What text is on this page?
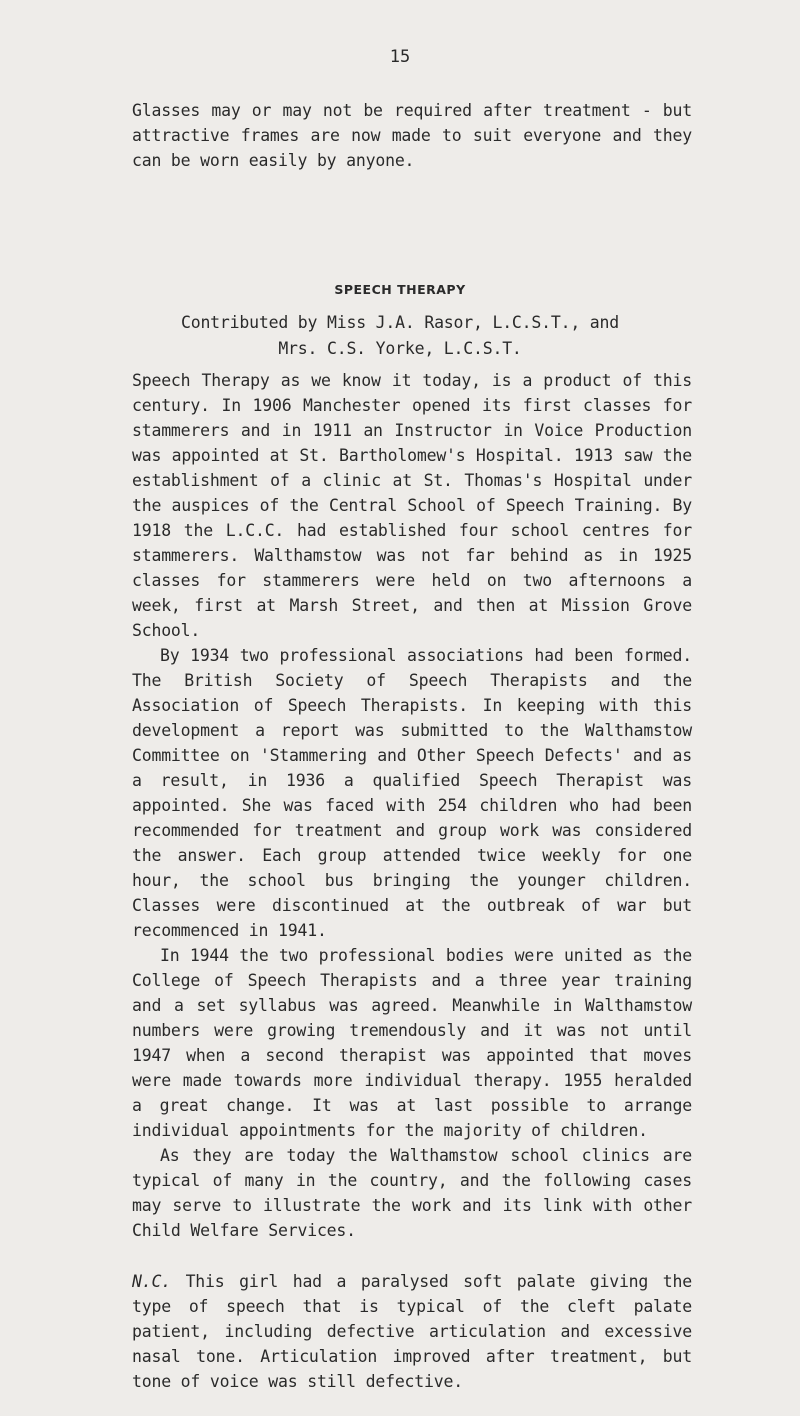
15
Glasses may or may not be required after treatment - but attractive frames are now made to suit everyone and they can be worn easily by anyone.
SPEECH THERAPY

Contributed by Miss J.A. Rasor, L.C.S.T., and

Mrs. C.S. Yorke, L.C.S.T.

Speech Therapy as we know it today, is a product of this century. In 1906 Manchester opened its first classes for stammerers and in 1911 an Instructor in Voice Production was appointed at St. Bartholomew's Hospital. 1913 saw the establishment of a clinic at St. Thomas's Hospital under the auspices of the Central School of Speech Training. By 1918 the L.C.C. had established four school centres for stammerers. Walthamstow was not far behind as in 1925 classes for stammerers were held on two afternoons a week, first at Marsh Street, and then at Mission Grove School.

By 1934 two professional associations had been formed. The British Society of Speech Therapists and the Association of Speech Therapists. In keeping with this development a report was submitted to the Walthamstow Committee on 'Stammering and Other Speech Defects' and as a result, in 1936 a qualified Speech Therapist was appointed. She was faced with 254 children who had been recommended for treatment and group work was considered the answer. Each group attended twice weekly for one hour, the school bus bringing the younger children. Classes were discontinued at the outbreak of war but recommenced in 1941.

In 1944 the two professional bodies were united as the College of Speech Therapists and a three year training and a set syllabus was agreed. Meanwhile in Walthamstow numbers were growing tremendously and it was not until 1947 when a second therapist was appointed that moves were made towards more individual therapy. 1955 heralded a great change. It was at last possible to arrange individual appointments for the majority of children.

As they are today the Walthamstow school clinics are typical of many in the country, and the following cases may serve to illustrate the work and its link with other Child Welfare Services.

N.C. This girl had a paralysed soft palate giving the type of speech that is typical of the cleft palate patient, including defective articulation and excessive nasal tone. Articulation improved after treatment, but tone of voice was still defective.
